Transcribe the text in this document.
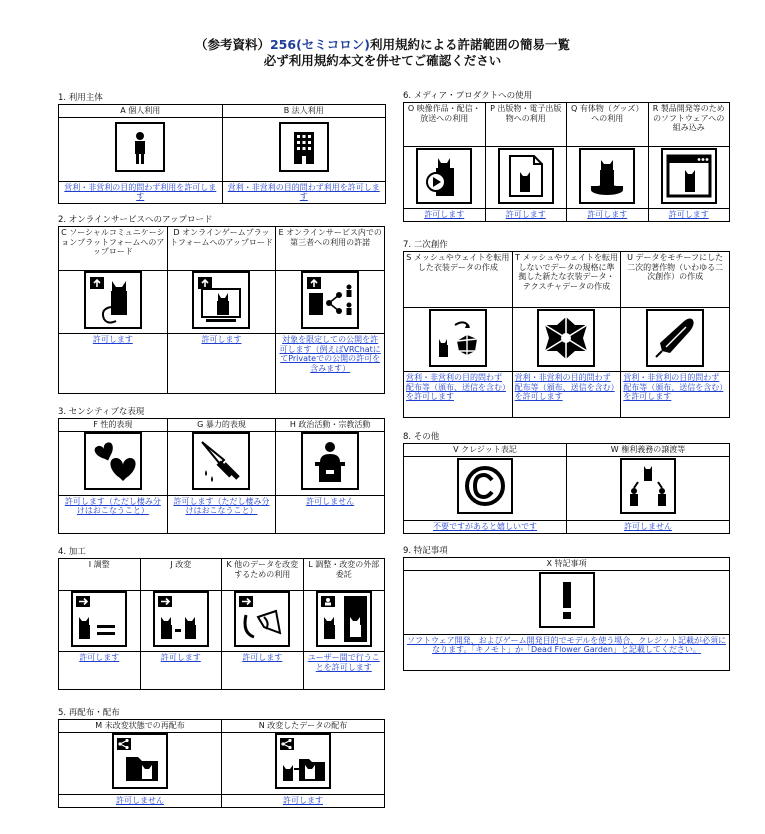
（参考資料）256(セミコロン)利用規約による許諾範囲の簡易一覧
必ず利用規約本文を併せてご確認ください
1. 利用主体
A 個人利用	B 法人利用

営利・非営利の目的問わず利用を許可します	営利・非営利の目的問わず利用を許可します
2. オンラインサービスへのアップロード
C ソーシャルコミュニケーションプラットフォームへのアップロード	D オンラインゲームプラットフォームへのアップロード	E オンラインサービス内での第三者への利用の許諾

許可します	許可します	対象を限定しての公開を許可します（例えばVRChatにてPrivateでの公開の許可を含みます）
3. センシティブな表現
F 性的表現	G 暴力的表現	H 政治活動・宗教活動

許可します（ただし棲み分けはおこなうこと）	許可します（ただし棲み分けはおこなうこと）	許可しません
4. 加工
I 調整	J 改変	K 他のデータを改変するための利用	L 調整・改変の外部委託

許可します	許可します	許可します	ユーザー間で行うことを許可します
5. 再配布・配布
M 未改変状態での再配布	N 改変したデータの配布

許可しません	許可します
6. メディア・プロダクトへの使用
O 映像作品・配信・放送への利用	P 出版物・電子出版物への利用	Q 有体物（グッズ）への利用	R 製品開発等のためのソフトウェアへの組み込み

許可します	許可します	許可します	許可します
7. 二次創作
S メッシュやウェイトを転用した衣装データの作成	T メッシュやウェイトを転用しないでデータの規格に準拠した新たな衣装データ・テクスチャデータの作成	U データをモチーフにした二次的著作物（いわゆる二次創作）の作成

営利・非営利の目的問わず配布等（頒布、送信を含む）を許可します	営利・非営利の目的問わず配布等（頒布、送信を含む）を許可します	営利・非営利の目的問わず配布等（頒布、送信を含む）を許可します
8. その他
V クレジット表記	W 権利義務の譲渡等

不要ですがあると嬉しいです	許可しません
9. 特記事項
X 特記事項

ソフトウェア開発、およびゲーム開発目的でモデルを使う場合、クレジット記載が必須になります。「キノモト」か「Dead Flower Garden」と記載してください。
